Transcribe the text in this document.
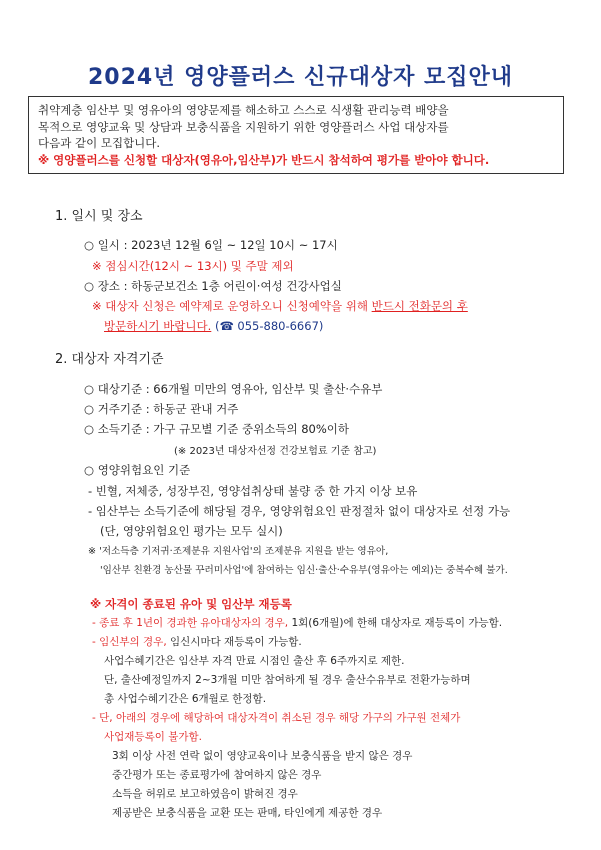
2024년 영양플러스 신규대상자 모집안내
취약계층 임산부 및 영유아의 영양문제를 해소하고 스스로 식생활 관리능력 배양을
목적으로 영양교육 및 상담과 보충식품을 지원하기 위한 영양플러스 사업 대상자를
다음과 같이 모집합니다.
※ 영양플러스를 신청할 대상자(영유아,임산부)가 반드시 참석하여 평가를 받아야 합니다.
1. 일시 및 장소
○ 일시 : 2023년 12월 6일 ~ 12일 10시 ~ 17시
※ 점심시간(12시 ~ 13시) 및 주말 제외
○ 장소 : 하동군보건소 1층 어린이·여성 건강사업실
※ 대상자 신청은 예약제로 운영하오니 신청예약을 위해 반드시 전화문의 후
방문하시기 바랍니다. (☎ 055-880-6667)
2. 대상자 자격기준
○ 대상기준 : 66개월 미만의 영유아, 임산부 및 출산·수유부
○ 거주기준 : 하동군 관내 거주
○ 소득기준 : 가구 규모별 기준 중위소득의 80%이하
(※ 2023년 대상자선정 건강보험료 기준 참고)
○ 영양위험요인 기준
- 빈혈, 저체중, 성장부진, 영양섭취상태 불량 중 한 가지 이상 보유
- 임산부는 소득기준에 해당될 경우, 영양위험요인 판정절차 없이 대상자로 선정 가능
(단, 영양위험요인 평가는 모두 실시)
※ '저소득층 기저귀·조제분유 지원사업'의 조제분유 지원을 받는 영유아,
'임산부 친환경 농산물 꾸러미사업'에 참여하는 임신·출산·수유부(영유아는 예외)는 중복수혜 불가.
※ 자격이 종료된 유아 및 임산부 재등록
- 종료 후 1년이 경과한 유아대상자의 경우, 1회(6개월)에 한해 대상자로 재등록이 가능함.
- 임신부의 경우, 임신시마다 재등록이 가능함.
사업수혜기간은 임산부 자격 만료 시점인 출산 후 6주까지로 제한.
단, 출산예정일까지 2~3개월 미만 참여하게 될 경우 출산수유부로 전환가능하며
총 사업수혜기간은 6개월로 한정함.
- 단, 아래의 경우에 해당하여 대상자격이 취소된 경우 해당 가구의 가구원 전체가
사업재등록이 불가함.
3회 이상 사전 연락 없이 영양교육이나 보충식품을 받지 않은 경우
중간평가 또는 종료평가에 참여하지 않은 경우
소득을 허위로 보고하였음이 밝혀진 경우
제공받은 보충식품을 교환 또는 판매, 타인에게 제공한 경우
